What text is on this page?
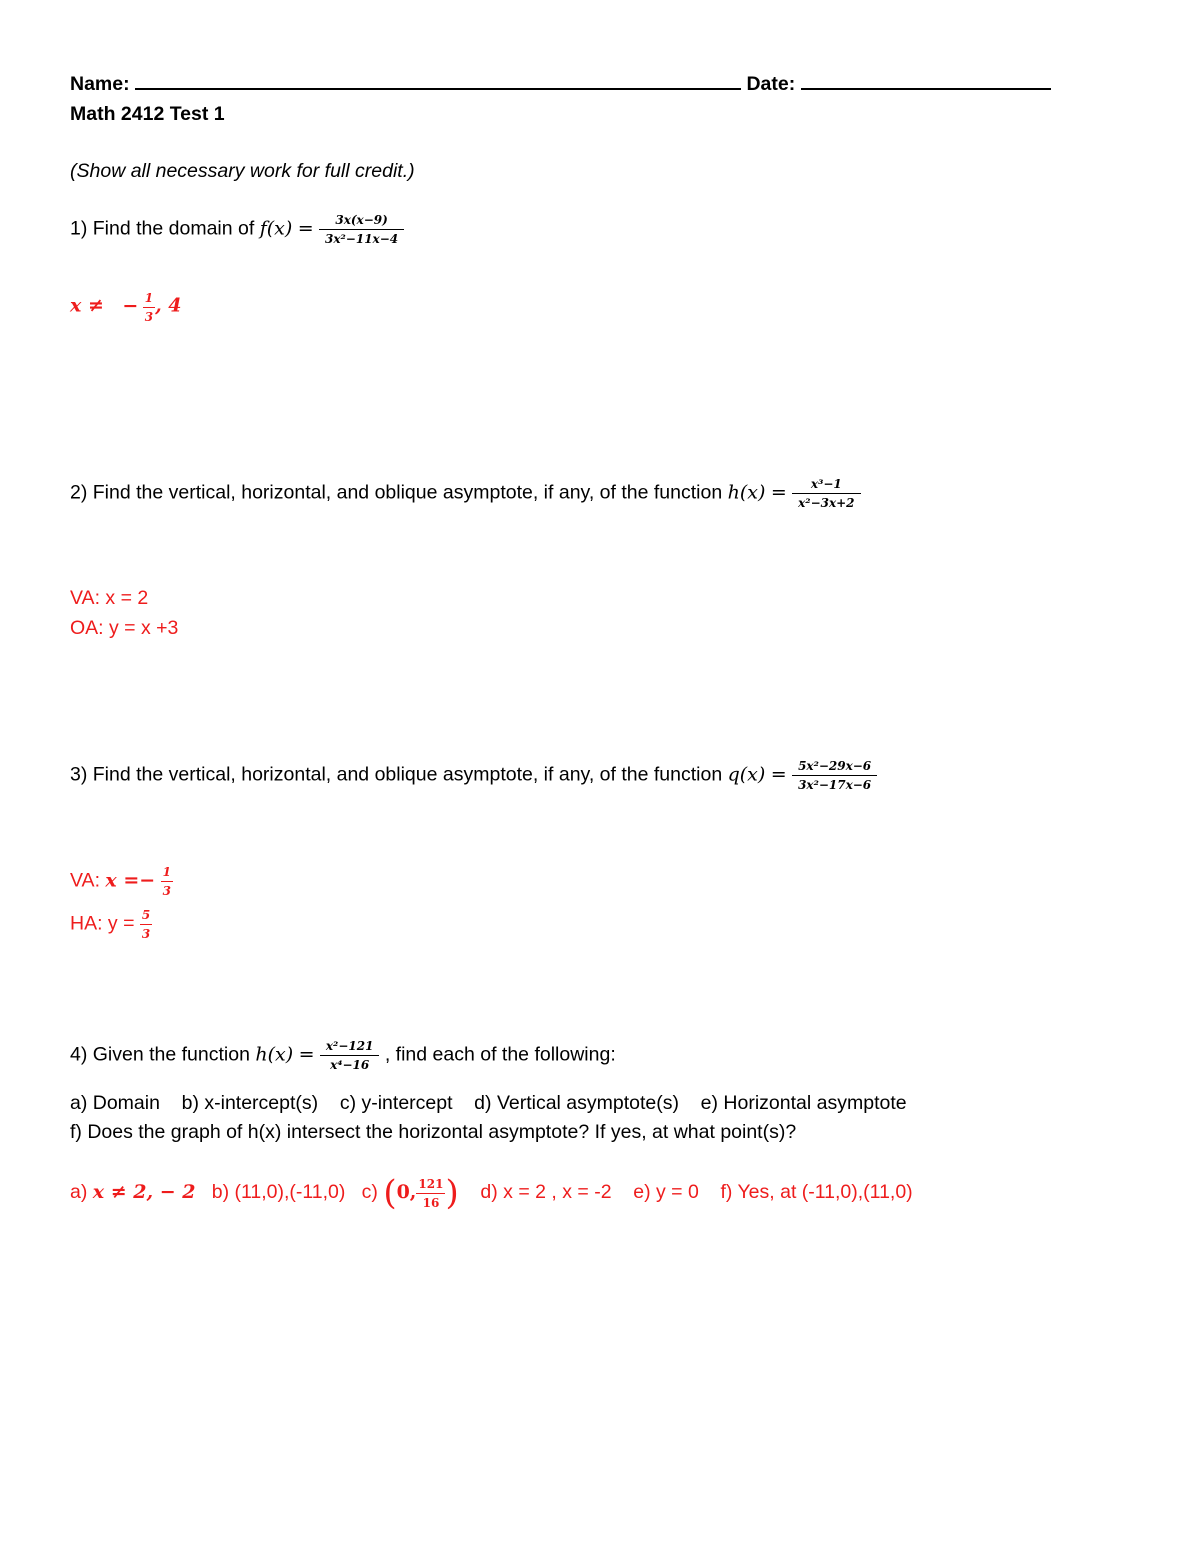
Name:	Date:
Math 2412 Test 1
(Show all necessary work for full credit.)
1) Find the domain of $f(x) = \frac{3x(x-9)}{\text{3x²−11x−4}}$
x ≠ − $\frac{1}{3}$ , 4
2) Find the vertical, horizontal, and oblique asymptote, if any, of the function $h(x) = \frac{\text{x³−1}}{\text{x²−3x+2}}$
VA: x = 2
OA: y = x +3
3) Find the vertical, horizontal, and oblique asymptote, if any, of the function $q(x) = \frac{\text{5x²−29x−6}}{\text{3x²−17x−6}}$
VA: $x =- \frac{1}{3}$
HA: $y = \frac{5}{3}$
4) Given the function $h(x) = \frac{\text{x²−121}}{\text{x⁴−16}}$ , find each of the following:
a) Domain    b) x-intercept(s)    c) y-intercept    d) Vertical asymptote(s)    e) Horizontal asymptote
f) Does the graph of h(x) intersect the horizontal asymptote? If yes, at what point(s)?
a) x ≠ 2, − 2 b) (11,0),(-11,0) c) (0, $\frac{121}{16}$ ) d) x = 2 , x = -2    e) y = 0    f) Yes, at (-11,0),(11,0)
